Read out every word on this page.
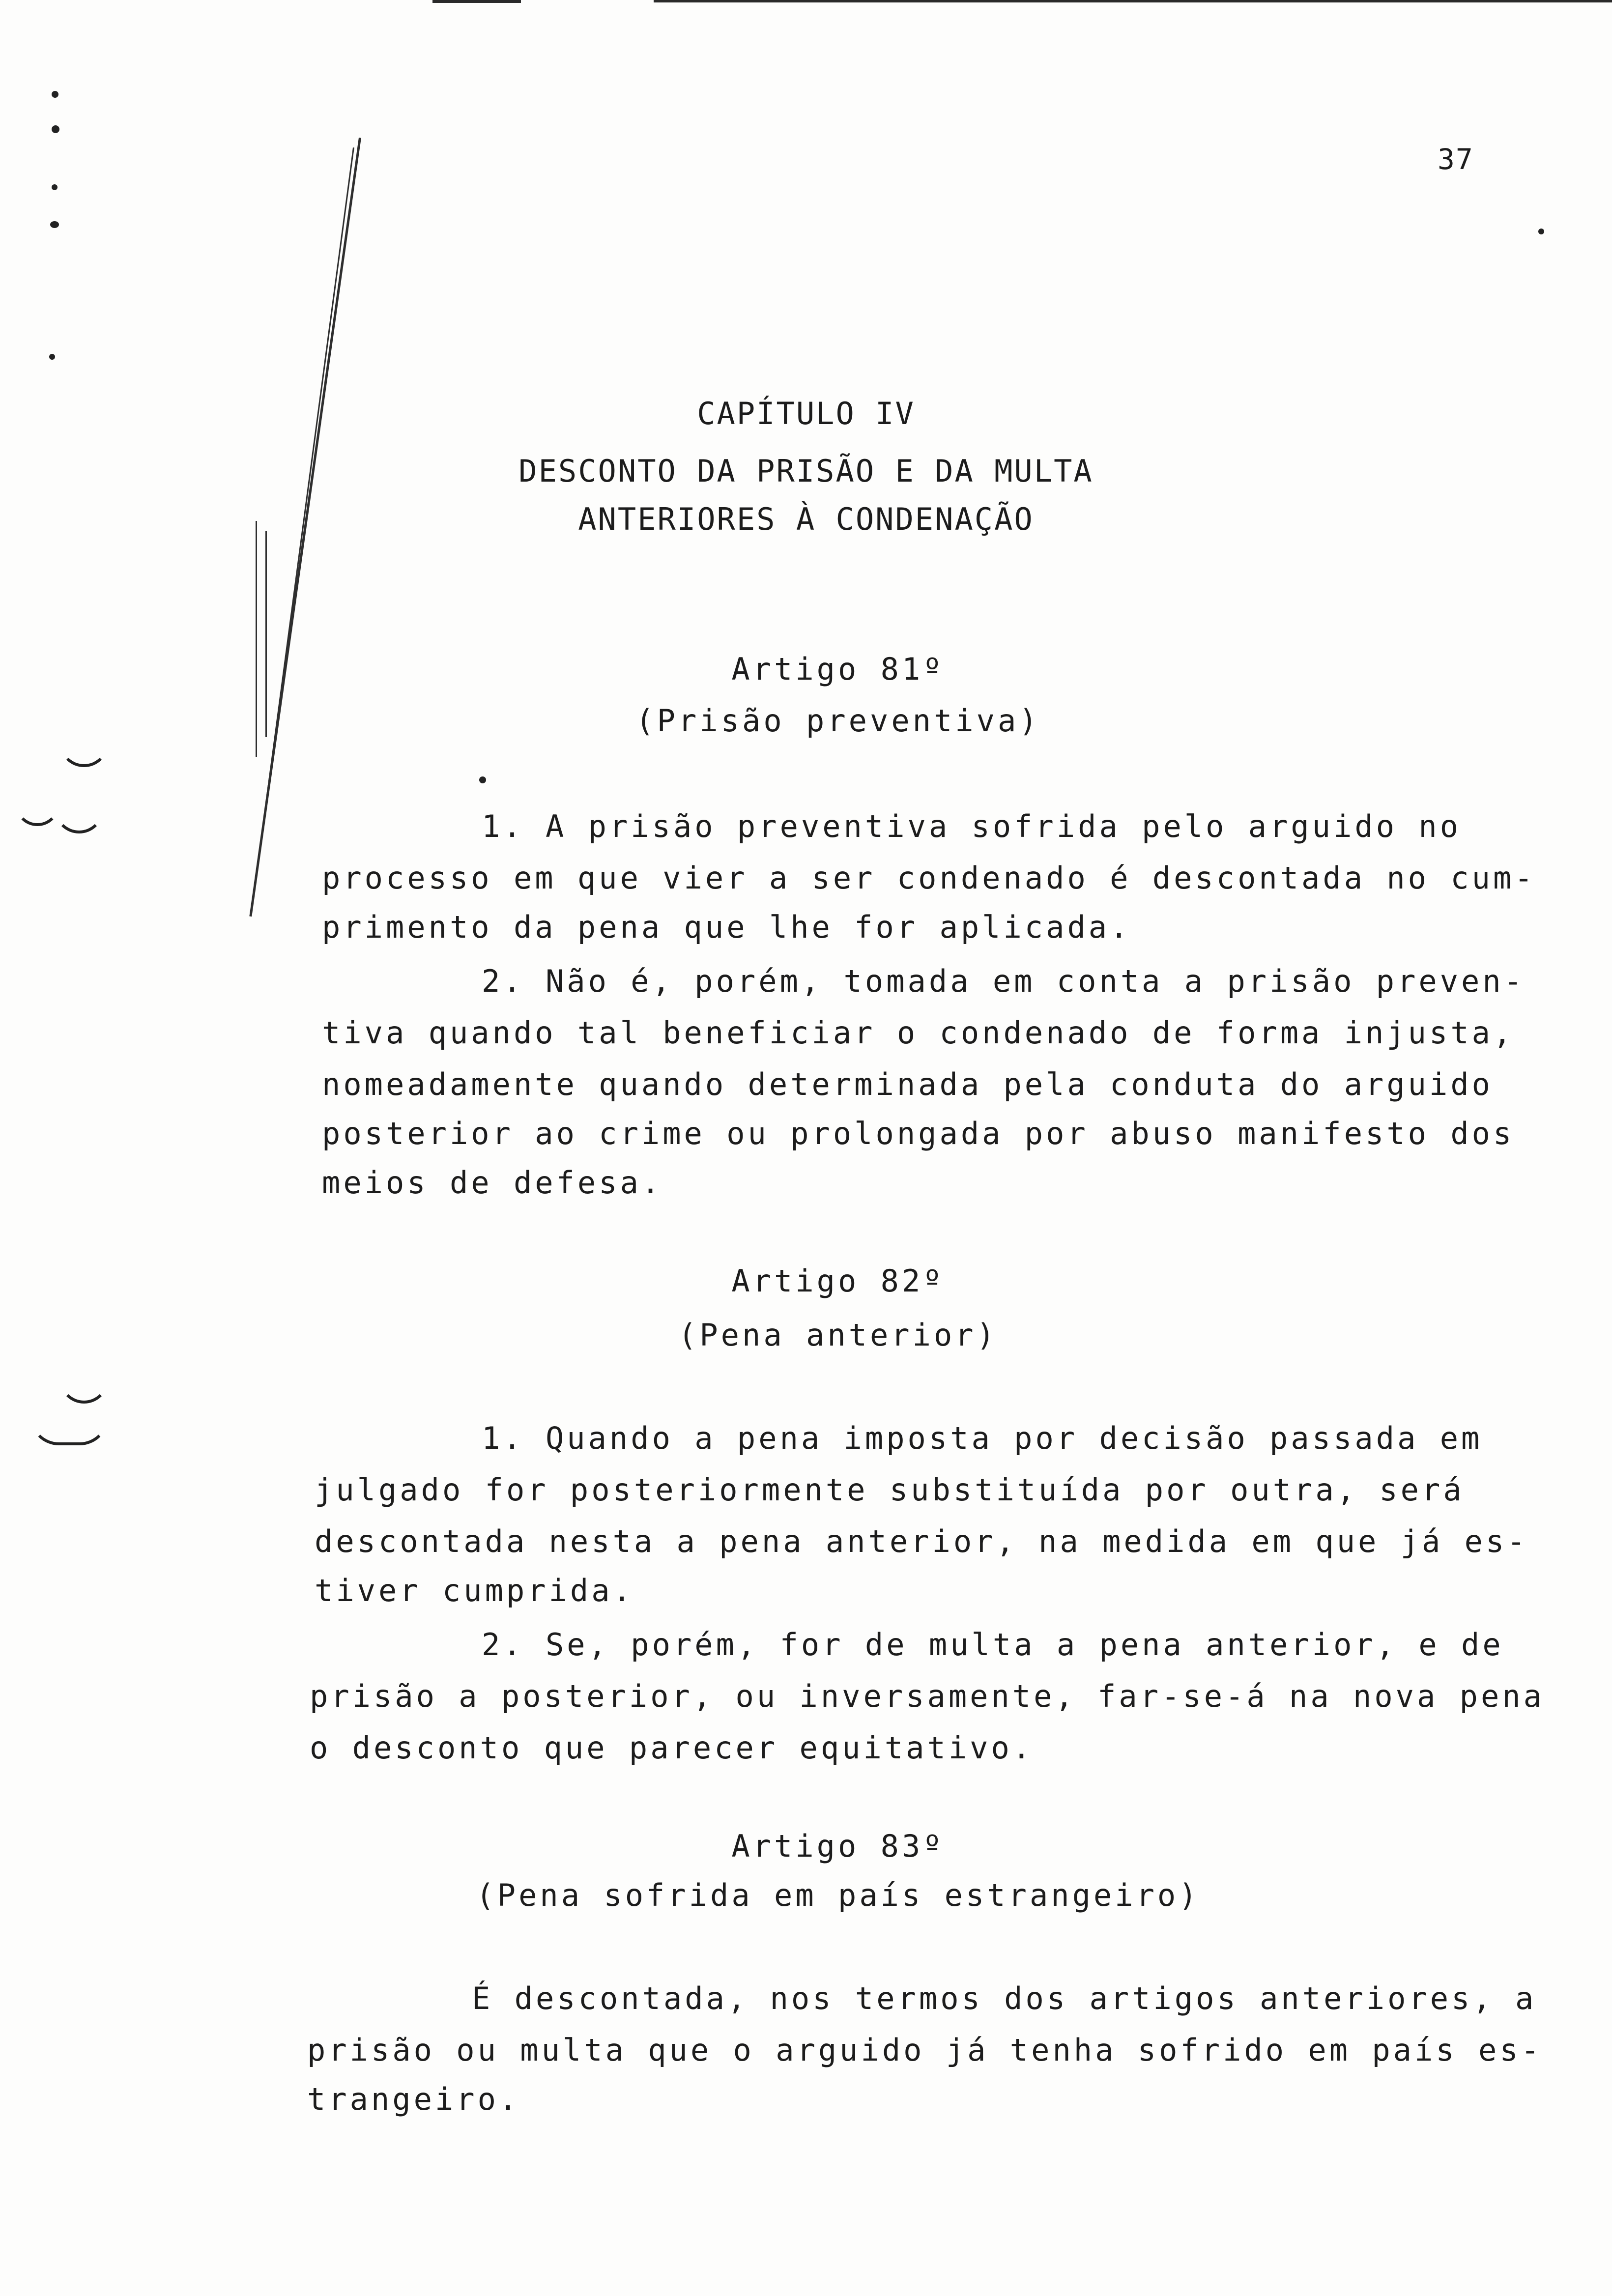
37
CAPÍTULO IV
DESCONTO DA PRISÃO E DA MULTA
ANTERIORES À CONDENAÇÃO
Artigo 81º
(Prisão preventiva)
1. A prisão preventiva sofrida pelo arguido no
processo em que vier a ser condenado é descontada no cum-
primento da pena que lhe for aplicada.
2. Não é, porém, tomada em conta a prisão preven-
tiva quando tal beneficiar o condenado de forma injusta,
nomeadamente quando determinada pela conduta do arguido
posterior ao crime ou prolongada por abuso manifesto dos
meios de defesa.
Artigo 82º
(Pena anterior)
1. Quando a pena imposta por decisão passada em
julgado for posteriormente substituída por outra, será
descontada nesta a pena anterior, na medida em que já es-
tiver cumprida.
2. Se, porém, for de multa a pena anterior, e de
prisão a posterior, ou inversamente, far-se-á na nova pena
o desconto que parecer equitativo.
Artigo 83º
(Pena sofrida em país estrangeiro)
É descontada, nos termos dos artigos anteriores, a
prisão ou multa que o arguido já tenha sofrido em país es-
trangeiro.
